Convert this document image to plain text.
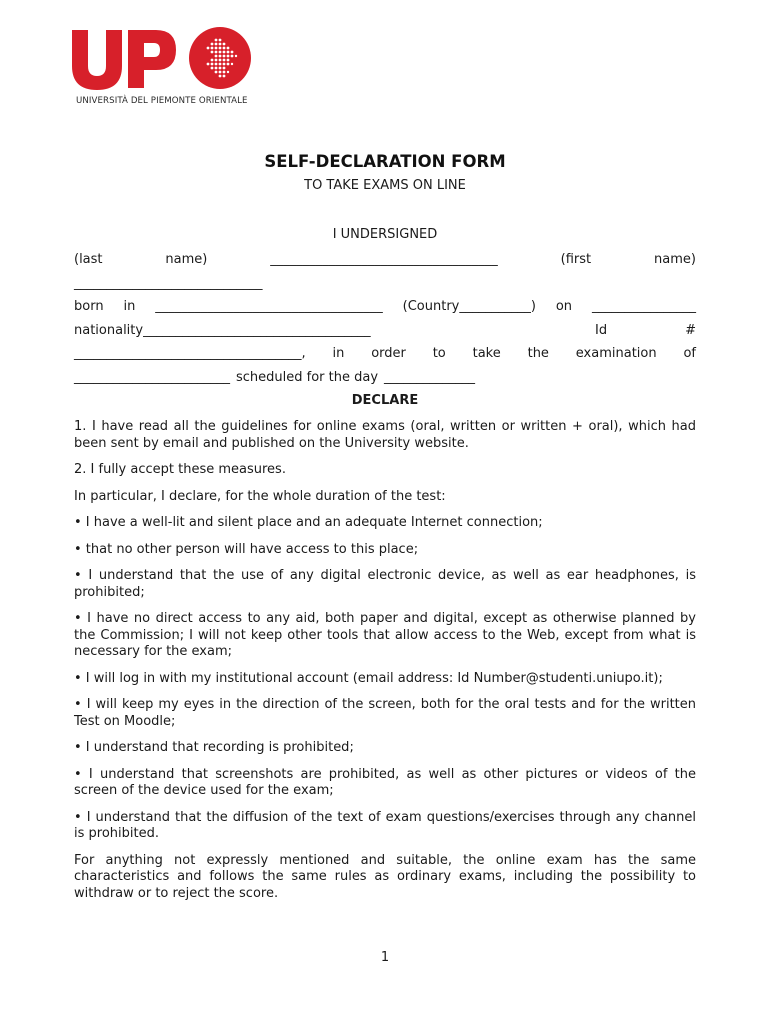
UNIVERSITÀ DEL PIEMONTE ORIENTALE
SELF-DECLARATION FORM
TO TAKE EXAMS ON LINE
I UNDERSIGNED
(last	name)	___________________________________	(first	name)
_____________________________
born in ___________________________________ (Country___________) on ________________
nationality ___________________________________	Id	#
___________________________________, in order to take the examination of
________________________ scheduled for the day ______________
DECLARE

1. I have read all the guidelines for online exams (oral, written or written + oral), which had been sent by email and published on the University website.

2. I fully accept these measures.

In particular, I declare, for the whole duration of the test:

• I have a well-lit and silent place and an adequate Internet connection;

• that no other person will have access to this place;

• I understand that the use of any digital electronic device, as well as ear headphones, is prohibited;

• I have no direct access to any aid, both paper and digital, except as otherwise planned by the Commission; I will not keep other tools that allow access to the Web, except from what is necessary for the exam;

• I will log in with my institutional account (email address: Id Number@studenti.uniupo.it);

• I will keep my eyes in the direction of the screen, both for the oral tests and for the written Test on Moodle;

• I understand that recording is prohibited;

• I understand that screenshots are prohibited, as well as other pictures or videos of the screen of the device used for the exam;

• I understand that the diffusion of the text of exam questions/exercises through any channel is prohibited.

For anything not expressly mentioned and suitable, the online exam has the same characteristics and follows the same rules as ordinary exams, including the possibility to withdraw or to reject the score.

1
